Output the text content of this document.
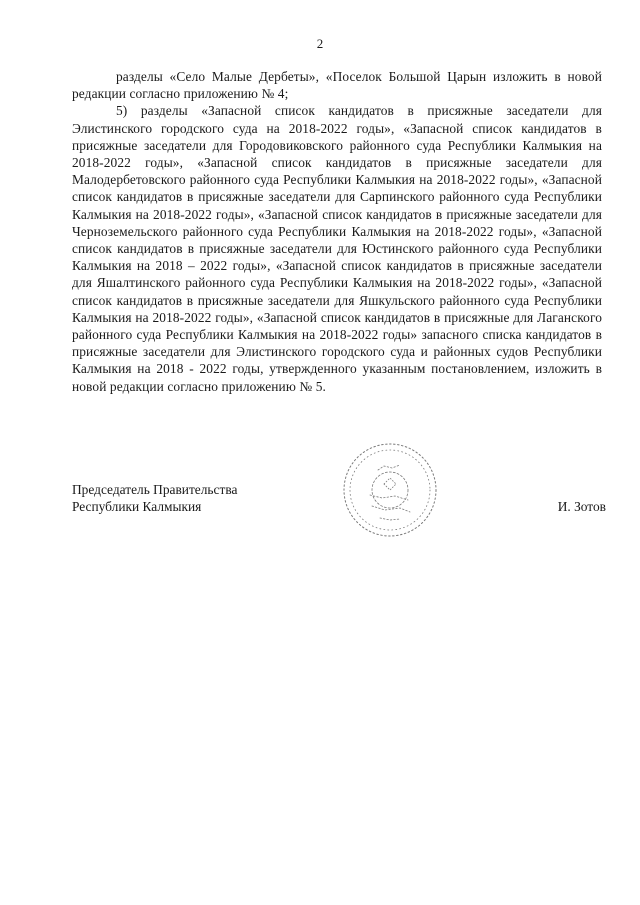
2

разделы «Село Малые Дербеты», «Поселок Большой Царын изложить в новой редакции согласно приложению № 4;

5) разделы «Запасной список кандидатов в присяжные заседатели для Элистинского городского суда на 2018-2022 годы», «Запасной список кандидатов в присяжные заседатели для Городовиковского районного суда Республики Калмыкия на 2018-2022 годы», «Запасной список кандидатов в присяжные заседатели для Малодербетовского районного суда Республики Калмыкия на 2018-2022 годы», «Запасной список кандидатов в присяжные заседатели для Сарпинского районного суда Республики Калмыкия на 2018-2022 годы», «Запасной список кандидатов в присяжные заседатели для Черноземельского районного суда Республики Калмыкия на 2018-2022 годы», «Запасной список кандидатов в присяжные заседатели для Юстинского районного суда Республики Калмыкия на 2018 – 2022 годы», «Запасной список кандидатов в присяжные заседатели для Яшалтинского районного суда Республики Калмыкия на 2018-2022 годы», «Запасной список кандидатов в присяжные заседатели для Яшкульского районного суда Республики Калмыкия на 2018-2022 годы», «Запасной список кандидатов в присяжные для Лаганского районного суда Республики Калмыкия на 2018-2022 годы» запасного списка кандидатов в присяжные заседатели для Элистинского городского суда и районных судов Республики Калмыкия на 2018 - 2022 годы, утвержденного указанным постановлением, изложить в новой редакции согласно приложению № 5.

Председатель Правительства
Республики Калмыкия	И. Зотов
